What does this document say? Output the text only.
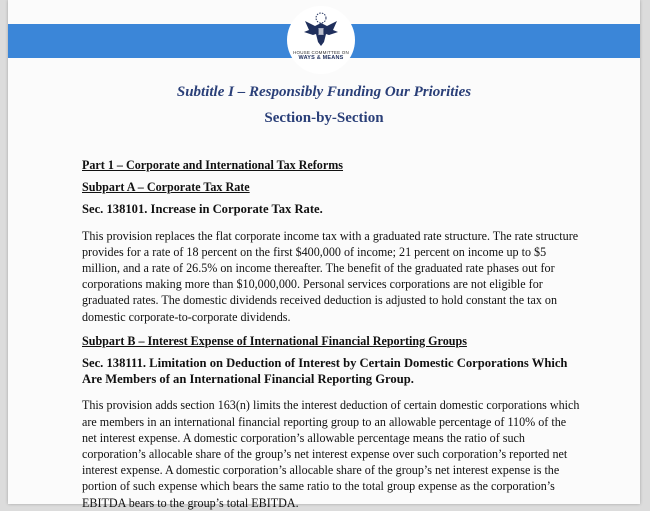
HOUSE COMMITTEE ON
WAYS & MEANS
Subtitle I – Responsibly Funding Our Priorities
Section-by-Section

Part 1 – Corporate and International Tax Reforms

Subpart A – Corporate Tax Rate

Sec. 138101. Increase in Corporate Tax Rate.

This provision replaces the flat corporate income tax with a graduated rate structure. The rate structure provides for a rate of 18 percent on the first $400,000 of income; 21 percent on income up to $5 million, and a rate of 26.5% on income thereafter. The benefit of the graduated rate phases out for corporations making more than $10,000,000. Personal services corporations are not eligible for graduated rates. The domestic dividends received deduction is adjusted to hold constant the tax on domestic corporate-to-corporate dividends.

Subpart B – Interest Expense of International Financial Reporting Groups

Sec. 138111. Limitation on Deduction of Interest by Certain Domestic Corporations Which Are Members of an International Financial Reporting Group.

This provision adds section 163(n) limits the interest deduction of certain domestic corporations which are members in an international financial reporting group to an allowable percentage of 110% of the net interest expense. A domestic corporation’s allowable percentage means the ratio of such corporation’s allocable share of the group’s net interest expense over such corporation’s reported net interest expense. A domestic corporation’s allocable share of the group’s net interest expense is the portion of such expense which bears the same ratio to the total group expense as the corporation’s EBITDA bears to the group’s total EBITDA.
